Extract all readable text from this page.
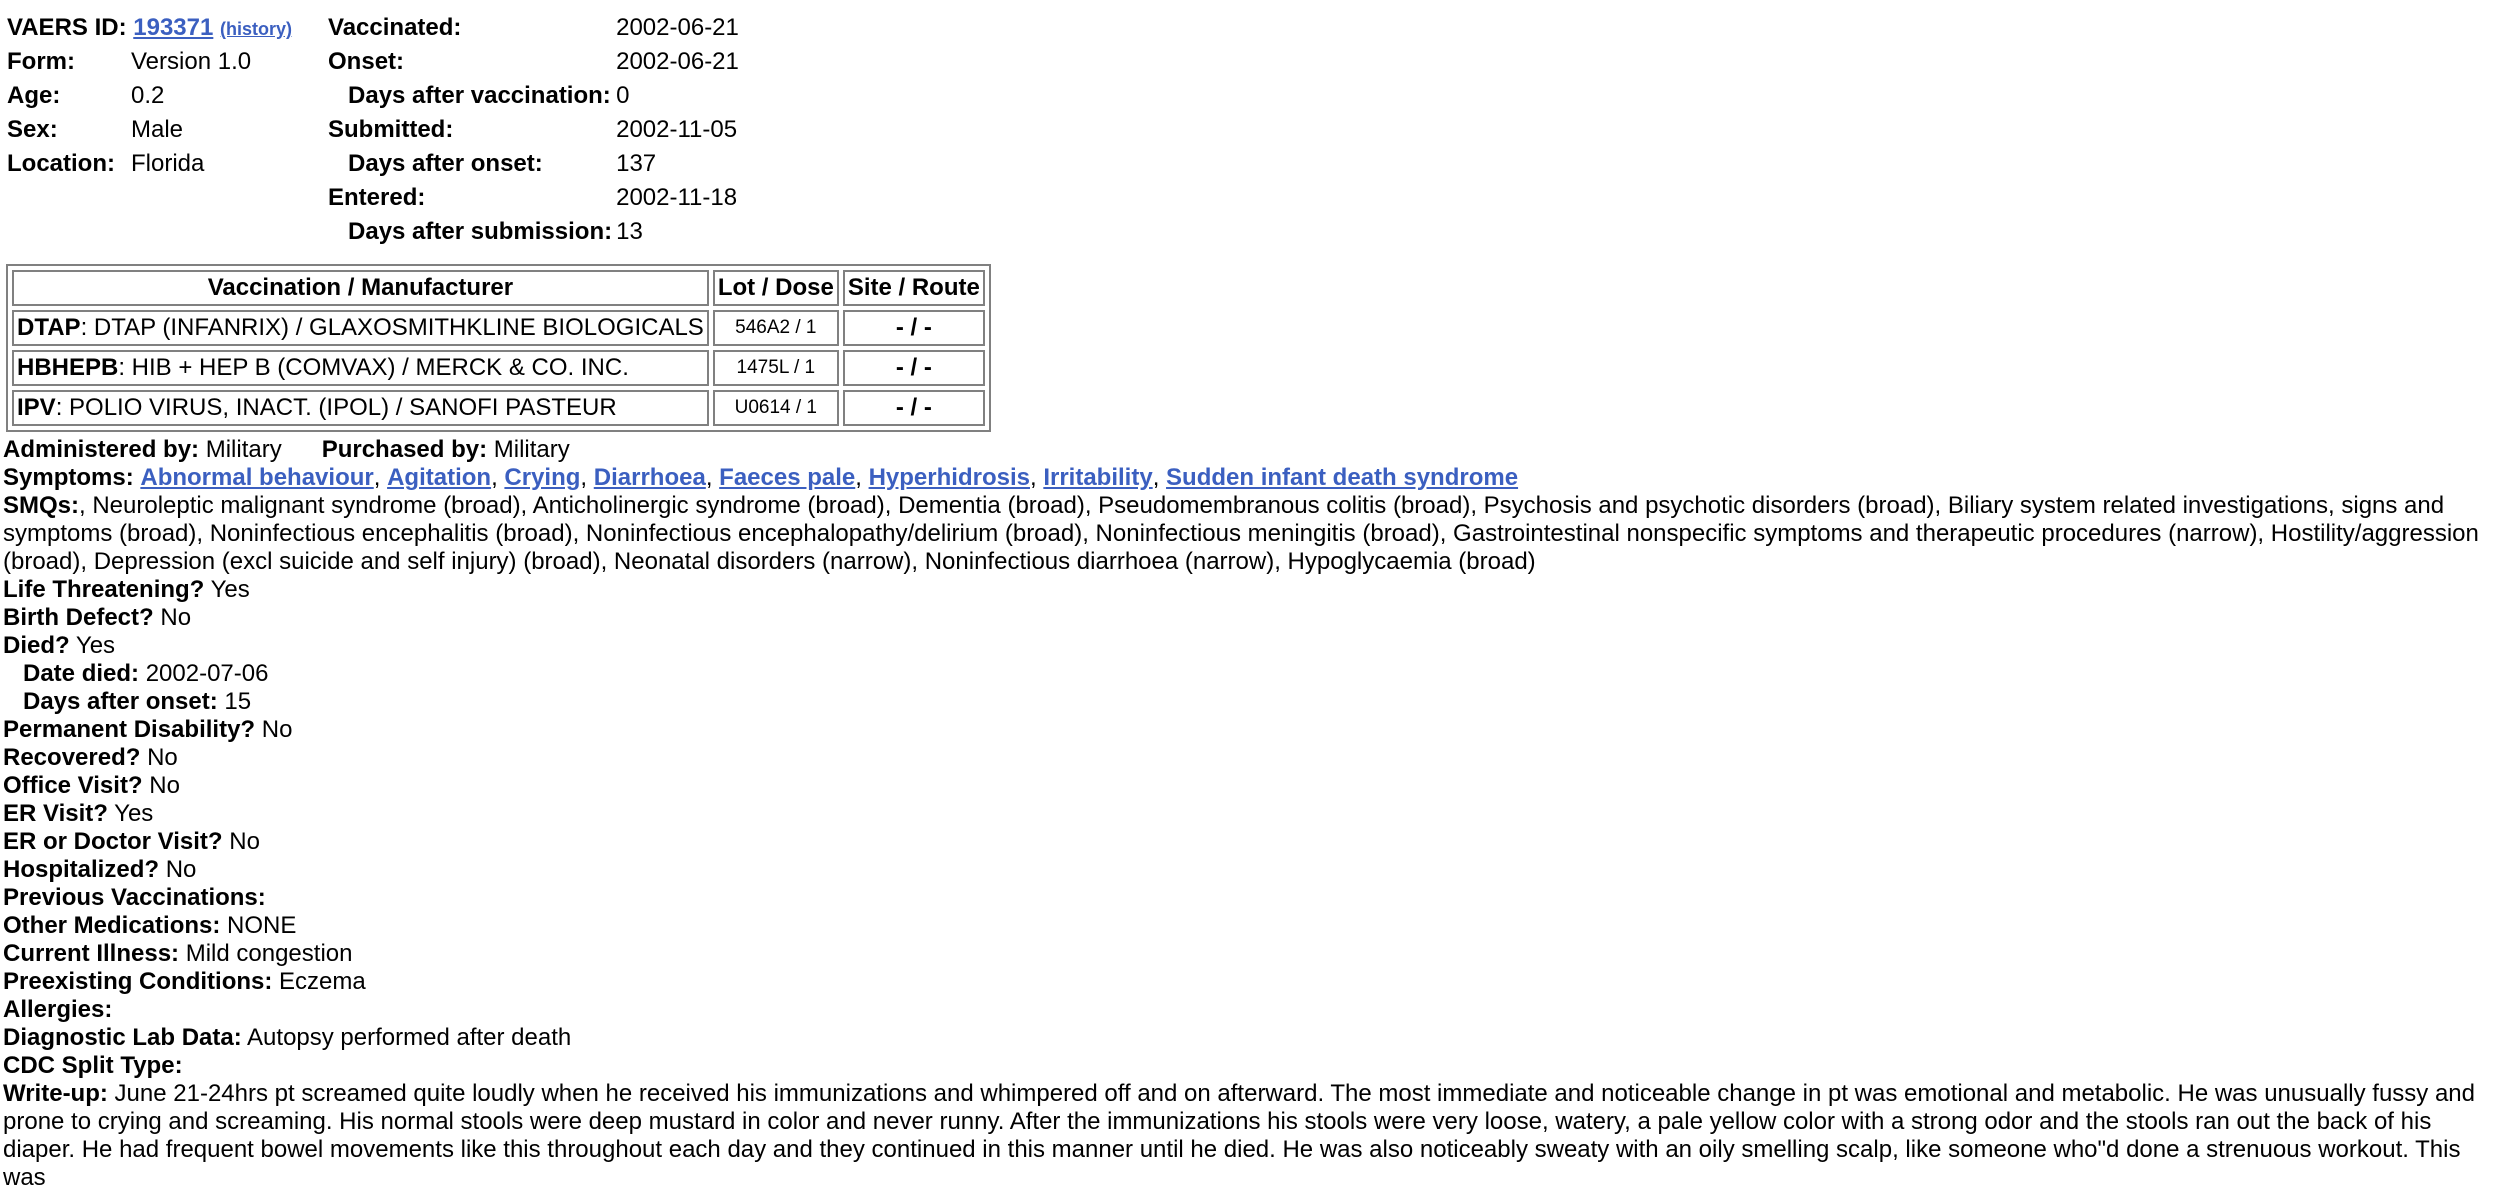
VAERS ID: 193371 (history)		Vaccinated:	2002-06-21
Form: Version 1.0		Onset:	2002-06-21
Age: 0.2		Days after vaccination:	0
Sex: Male		Submitted:	2002-11-05
Location: Florida		Days after onset:	137
		Entered:	2002-11-18
		Days after submission:	13
Vaccination / Manufacturer	Lot / Dose	Site / Route
DTAP: DTAP (INFANRIX) / GLAXOSMITHKLINE BIOLOGICALS	546A2 / 1	- / -
HBHEPB: HIB + HEP B (COMVAX) / MERCK & CO. INC.	1475L / 1	- / -
IPV: POLIO VIRUS, INACT. (IPOL) / SANOFI PASTEUR	U0614 / 1	- / -
Administered by: Military Purchased by: Military
Symptoms: Abnormal behaviour, Agitation, Crying, Diarrhoea, Faeces pale, Hyperhidrosis, Irritability, Sudden infant death syndrome
SMQs:, Neuroleptic malignant syndrome (broad), Anticholinergic syndrome (broad), Dementia (broad), Pseudomembranous colitis (broad), Psychosis and psychotic disorders (broad), Biliary system related investigations, signs and symptoms (broad), Noninfectious encephalitis (broad), Noninfectious encephalopathy/delirium (broad), Noninfectious meningitis (broad), Gastrointestinal nonspecific symptoms and therapeutic procedures (narrow), Hostility/aggression (broad), Depression (excl suicide and self injury) (broad), Neonatal disorders (narrow), Noninfectious diarrhoea (narrow), Hypoglycaemia (broad)
Life Threatening? Yes
Birth Defect? No
Died? Yes
Date died: 2002-07-06
Days after onset: 15
Permanent Disability? No
Recovered? No
Office Visit? No
ER Visit? Yes
ER or Doctor Visit? No
Hospitalized? No
Previous Vaccinations:
Other Medications: NONE
Current Illness: Mild congestion
Preexisting Conditions: Eczema
Allergies:
Diagnostic Lab Data: Autopsy performed after death
CDC Split Type:
Write-up: June 21-24hrs pt screamed quite loudly when he received his immunizations and whimpered off and on afterward. The most immediate and noticeable change in pt was emotional and metabolic. He was unusually fussy and prone to crying and screaming. His normal stools were deep mustard in color and never runny. After the immunizations his stools were very loose, watery, a pale yellow color with a strong odor and the stools ran out the back of his diaper. He had frequent bowel movements like this throughout each day and they continued in this manner until he died. He was also noticeably sweaty with an oily smelling scalp, like someone who"d done a strenuous workout. This was
